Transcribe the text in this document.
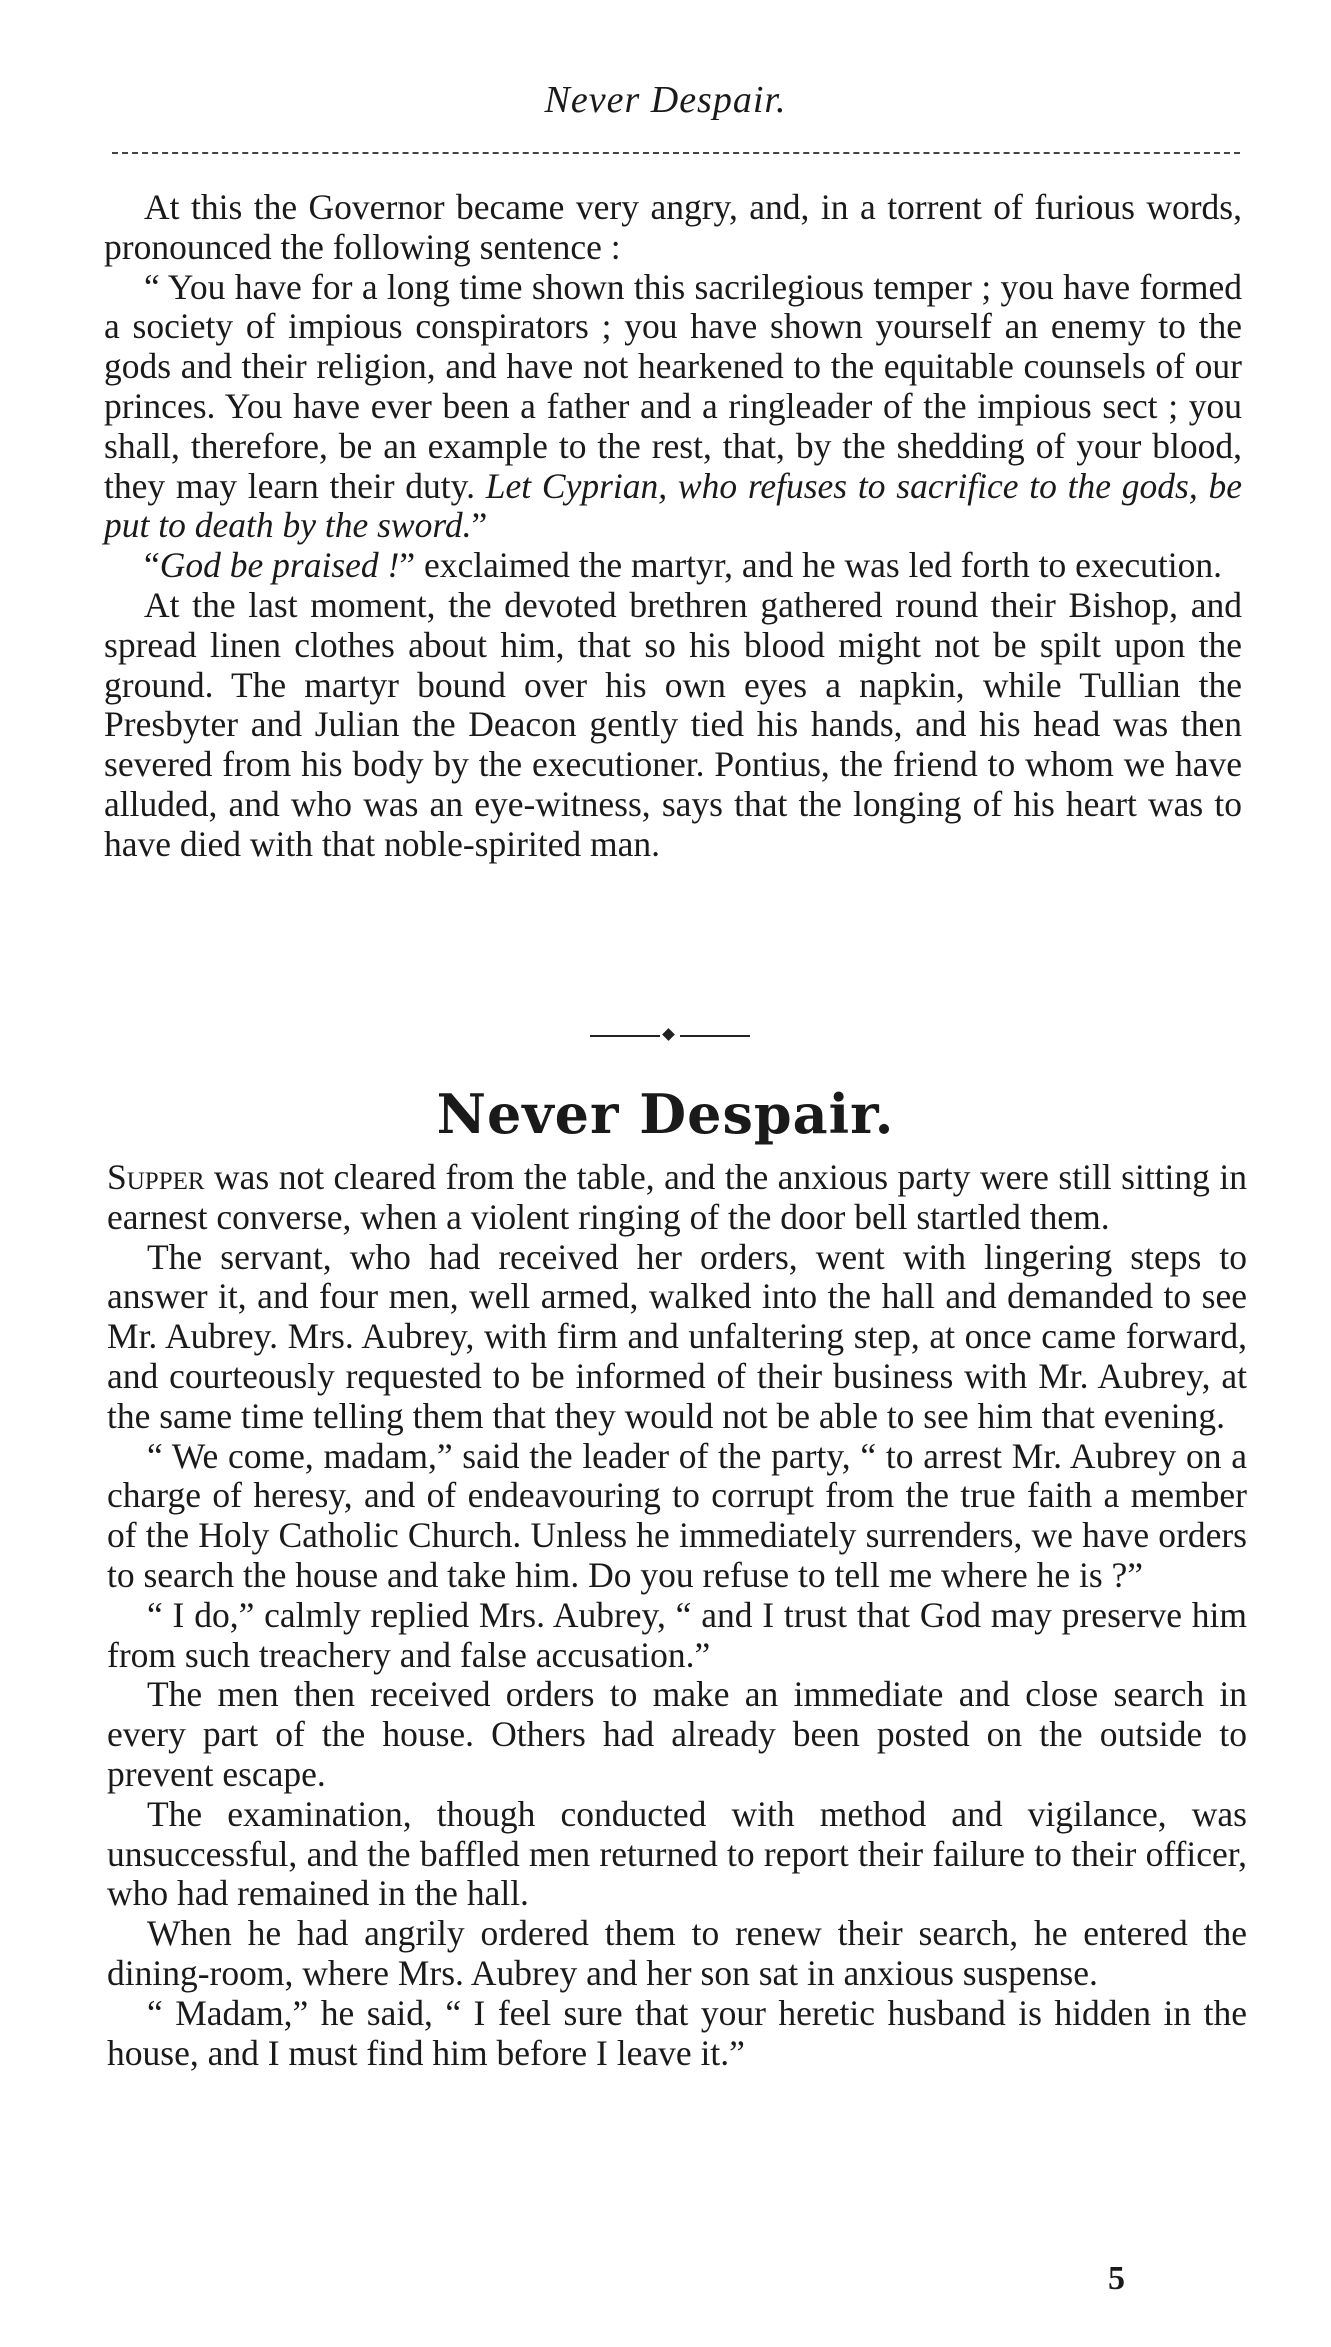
Never Despair.

At this the Governor became very angry, and, in a torrent of furious words, pronounced the following sentence :

“ You have for a long time shown this sacrilegious temper ; you have formed a society of impious conspirators ; you have shown yourself an enemy to the gods and their religion, and have not hearkened to the equitable counsels of our princes. You have ever been a father and a ringleader of the impious sect ; you shall, therefore, be an example to the rest, that, by the shedding of your blood, they may learn their duty. Let Cyprian, who refuses to sacrifice to the gods, be put to death by the sword.”

“God be praised !” exclaimed the martyr, and he was led forth to execution.

At the last moment, the devoted brethren gathered round their Bishop, and spread linen clothes about him, that so his blood might not be spilt upon the ground. The martyr bound over his own eyes a napkin, while Tullian the Presbyter and Julian the Deacon gently tied his hands, and his head was then severed from his body by the executioner. Pontius, the friend to whom we have alluded, and who was an eye-witness, says that the longing of his heart was to have died with that noble-spirited man.

Never Despair.

Supper was not cleared from the table, and the anxious party were still sitting in earnest converse, when a violent ringing of the door bell startled them.

The servant, who had received her orders, went with lingering steps to answer it, and four men, well armed, walked into the hall and demanded to see Mr. Aubrey. Mrs. Aubrey, with firm and unfaltering step, at once came forward, and courteously requested to be informed of their business with Mr. Aubrey, at the same time telling them that they would not be able to see him that evening.

“ We come, madam,” said the leader of the party, “ to arrest Mr. Aubrey on a charge of heresy, and of endeavouring to corrupt from the true faith a member of the Holy Catholic Church. Unless he immediately surrenders, we have orders to search the house and take him. Do you refuse to tell me where he is ?”

“ I do,” calmly replied Mrs. Aubrey, “ and I trust that God may preserve him from such treachery and false accusation.”

The men then received orders to make an immediate and close search in every part of the house. Others had already been posted on the outside to prevent escape.

The examination, though conducted with method and vigilance, was unsuccessful, and the baffled men returned to report their failure to their officer, who had remained in the hall.

When he had angrily ordered them to renew their search, he entered the dining-room, where Mrs. Aubrey and her son sat in anxious suspense.

“ Madam,” he said, “ I feel sure that your heretic husband is hidden in the house, and I must find him before I leave it.”

5
